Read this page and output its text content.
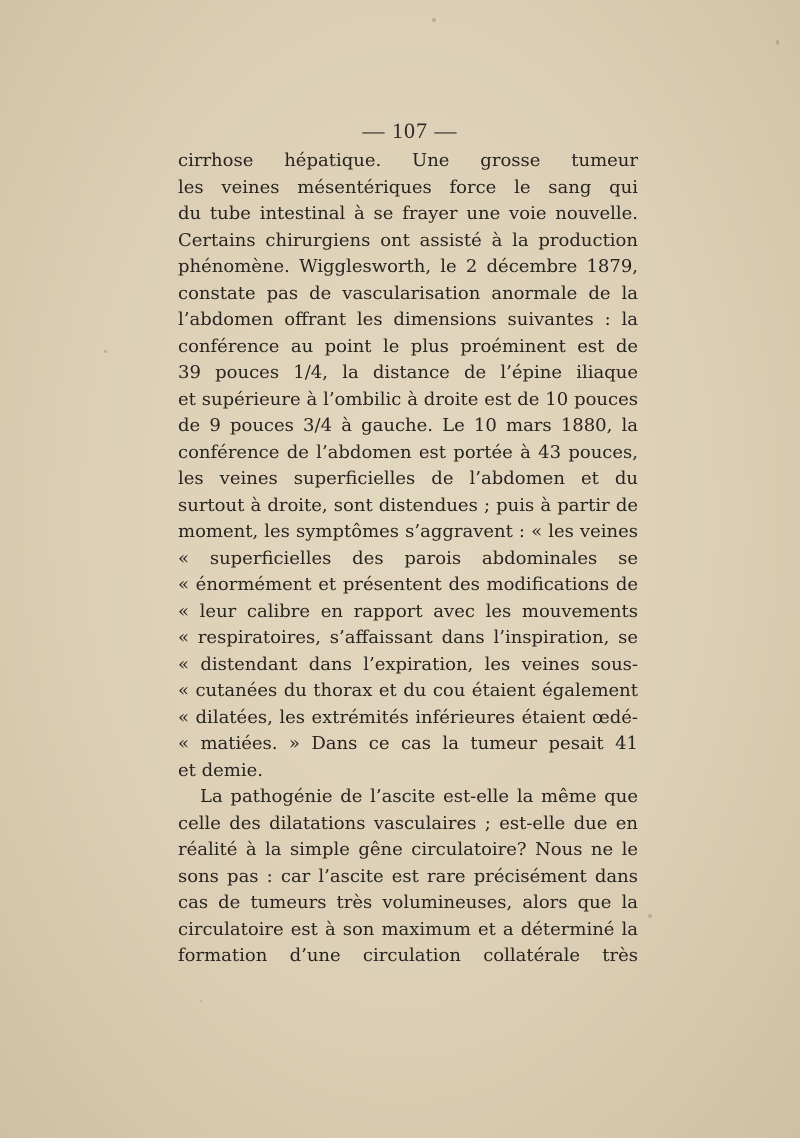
— 107 —
cirrhose hépatique. Une grosse tumeur
les veines mésentériques force le sang qui
du tube intestinal à se frayer une voie nouvelle.
Certains chirurgiens ont assisté à la production
phénomène. Wigglesworth, le 2 décembre 1879,
constate pas de vascularisation anormale de la
l’abdomen offrant les dimensions suivantes : la
conférence au point le plus proéminent est de
39 pouces 1/4, la distance de l’épine iliaque
et supérieure à l’ombilic à droite est de 10 pouces
de 9 pouces 3/4 à gauche. Le 10 mars 1880, la
conférence de l’abdomen est portée à 43 pouces,
les veines superficielles de l’abdomen et du
surtout à droite, sont distendues ; puis à partir de
moment, les symptômes s’aggravent : « les veines
« superficielles des parois abdominales se
« énormément et présentent des modifications de
« leur calibre en rapport avec les mouvements
« respiratoires, s’affaissant dans l’inspiration, se
« distendant dans l’expiration, les veines sous-
« cutanées du thorax et du cou étaient également
« dilatées, les extrémités inférieures étaient œdé-
« matiées. » Dans ce cas la tumeur pesait 41
et demie.
La pathogénie de l’ascite est-elle la même que
celle des dilatations vasculaires ; est-elle due en
réalité à la simple gêne circulatoire? Nous ne le
sons pas : car l’ascite est rare précisément dans
cas de tumeurs très volumineuses, alors que la
circulatoire est à son maximum et a déterminé la
formation d’une circulation collatérale très
